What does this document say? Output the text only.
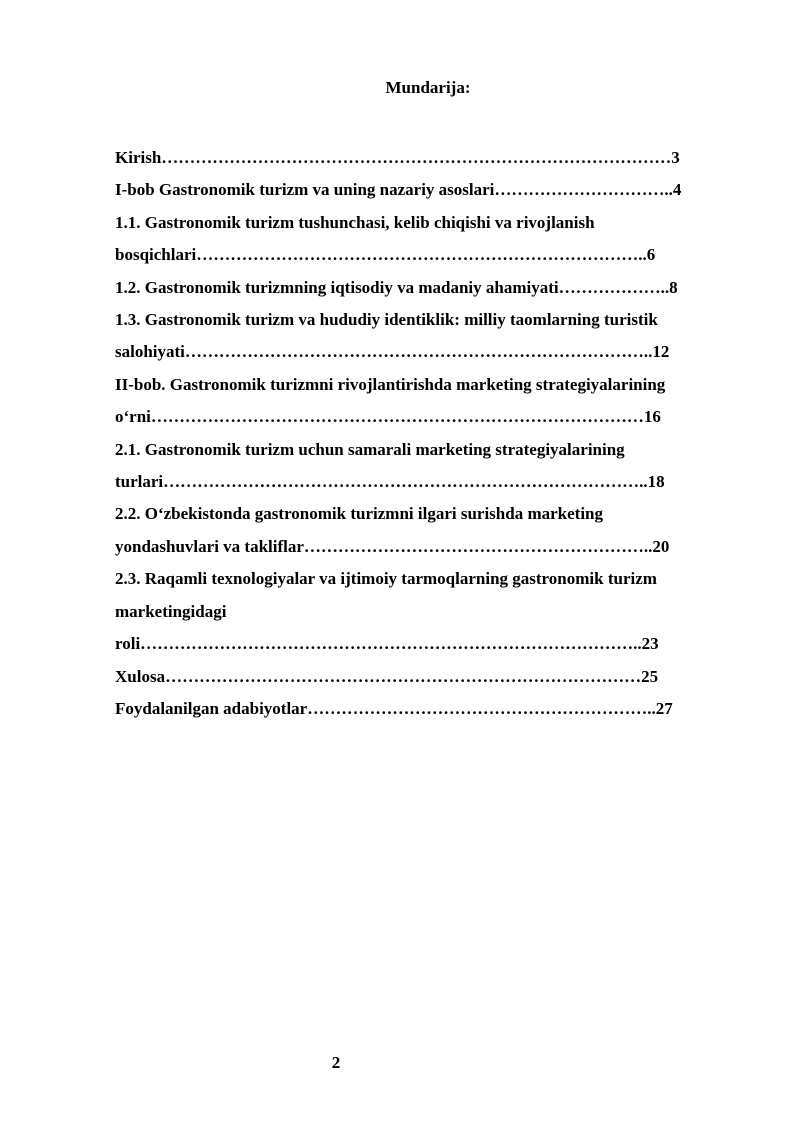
Mundarija:
Kirish………………………………………………………………………………3
I-bob Gastronomik turizm va uning nazariy asoslari…………………………..4
1.1. Gastronomik turizm tushunchasi, kelib chiqishi va rivojlanish
bosqichlari……………………………………………………………………..6
1.2. Gastronomik turizmning iqtisodiy va madaniy ahamiyati………………..8
1.3. Gastronomik turizm va hududiy identiklik: milliy taomlarning turistik
salohiyati………………………………………………………………………..12
II-bob. Gastronomik turizmni rivojlantirishda marketing strategiyalarining
o‘rni……………………………………………………………………………16
2.1. Gastronomik turizm uchun samarali marketing strategiyalarining
turlari…………………………………………………………………………..18
2.2. O‘zbekistonda gastronomik turizmni ilgari surishda marketing
yondashuvlari va takliflar……………………………………………………..20
2.3. Raqamli texnologiyalar va ijtimoiy tarmoqlarning gastronomik turizm
marketingidagi
roli……………………………………………………………………………..23
Xulosa…………………………………………………………………………25
Foydalanilgan adabiyotlar……………………………………………………..27
2
